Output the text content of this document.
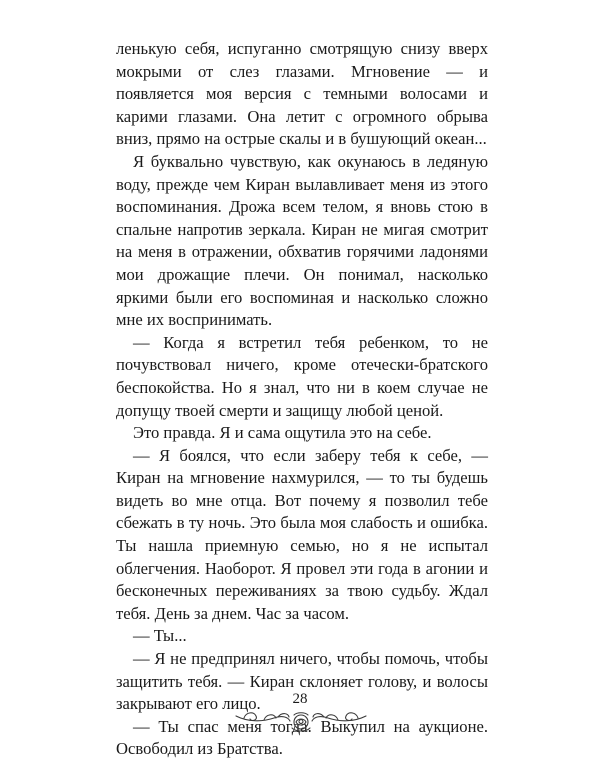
ленькую себя, испуганно смотрящую снизу вверх мокрыми от слез глазами. Мгновение — и появляется моя версия с темными волосами и карими глазами. Она летит с огромного обрыва вниз, прямо на острые скалы и в бушующий океан...

Я буквально чувствую, как окунаюсь в ледяную воду, прежде чем Киран вылавливает меня из этого воспоминания. Дрожа всем телом, я вновь стою в спальне напротив зеркала. Киран не мигая смотрит на меня в отражении, обхватив горячими ладонями мои дрожащие плечи. Он понимал, насколько яркими были его воспоминая и насколько сложно мне их воспринимать.

— Когда я встретил тебя ребенком, то не почувствовал ничего, кроме отечески-братского беспокойства. Но я знал, что ни в коем случае не допущу твоей смерти и защищу любой ценой.

Это правда. Я и сама ощутила это на себе.

— Я боялся, что если заберу тебя к себе, — Киран на мгновение нахмурился, — то ты будешь видеть во мне отца. Вот почему я позволил тебе сбежать в ту ночь. Это была моя слабость и ошибка. Ты нашла приемную семью, но я не испытал облегчения. Наоборот. Я провел эти года в агонии и бесконечных переживаниях за твою судьбу. Ждал тебя. День за днем. Час за часом.

— Ты...

— Я не предпринял ничего, чтобы помочь, чтобы защитить тебя. — Киран склоняет голову, и волосы закрывают его лицо.

— Ты спас меня тогда. Выкупил на аукционе. Освободил из Братства.

28
